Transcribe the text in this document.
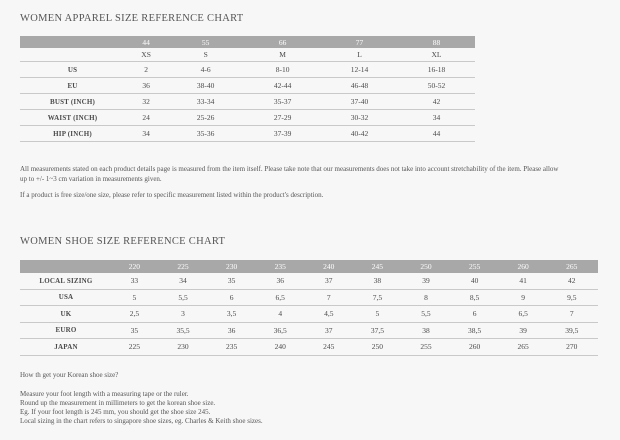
WOMEN APPAREL SIZE REFERENCE CHART
	44	55	66	77	88
	XS	S	M	L	XL
US	2	4-6	8-10	12-14	16-18
EU	36	38-40	42-44	46-48	50-52
BUST (INCH)	32	33-34	35-37	37-40	42
WAIST (INCH)	24	25-26	27-29	30-32	34
HIP (INCH)	34	35-36	37-39	40-42	44

All measurements stated on each product details page is measured from the item itself. Please take note that our measurements does not take into account stretchability of the item. Please allow up to +/- 1~3 cm variation in measurements given.

If a product is free size/one size, please refer to specific measurement listed within the product's description.

WOMEN SHOE SIZE REFERENCE CHART
	220	225	230	235	240	245	250	255	260	265
LOCAL SIZING	33	34	35	36	37	38	39	40	41	42
USA	5	5,5	6	6,5	7	7,5	8	8,5	9	9,5
UK	2,5	3	3,5	4	4,5	5	5,5	6	6,5	7
EURO	35	35,5	36	36,5	37	37,5	38	38,5	39	39,5
JAPAN	225	230	235	240	245	250	255	260	265	270

How th get your Korean shoe size?

Measure your foot length with a measuring tape or the ruler.

Round up the measurement in millimeters to get the korean shoe size.

Eg. If your foot length is 245 mm, you should get the shoe size 245.

Local sizing in the chart refers to singapore shoe sizes, eg. Charles & Keith shoe sizes.
